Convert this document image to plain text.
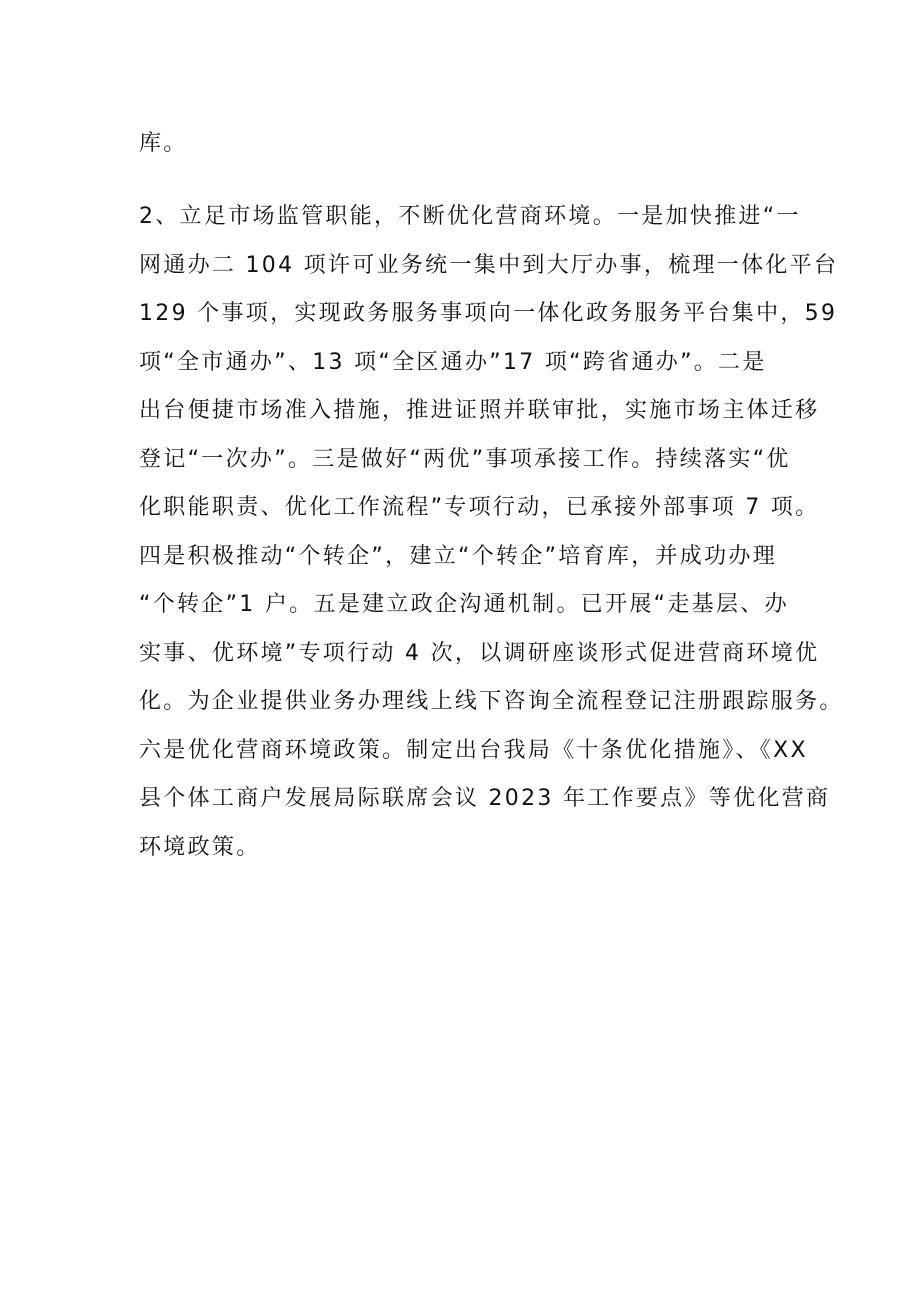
库。
2、立足市场监管职能，不断优化营商环境。一是加快推进“一
网通办二 104 项许可业务统一集中到大厅办事，梳理一体化平台
129 个事项，实现政务服务事项向一体化政务服务平台集中，59
项“全市通办”、13 项“全区通办”17 项“跨省通办”。二是
出台便捷市场准入措施，推进证照并联审批，实施市场主体迁移
登记“一次办”。三是做好“两优”事项承接工作。持续落实“优
化职能职责、优化工作流程”专项行动，已承接外部事项 7 项。
四是积极推动“个转企”，建立“个转企”培育库，并成功办理
“个转企”1 户。五是建立政企沟通机制。已开展“走基层、办
实事、优环境”专项行动 4 次，以调研座谈形式促进营商环境优
化。为企业提供业务办理线上线下咨询全流程登记注册跟踪服务。
六是优化营商环境政策。制定出台我局《十条优化措施》、《XX
县个体工商户发展局际联席会议 2023 年工作要点》等优化营商
环境政策。
